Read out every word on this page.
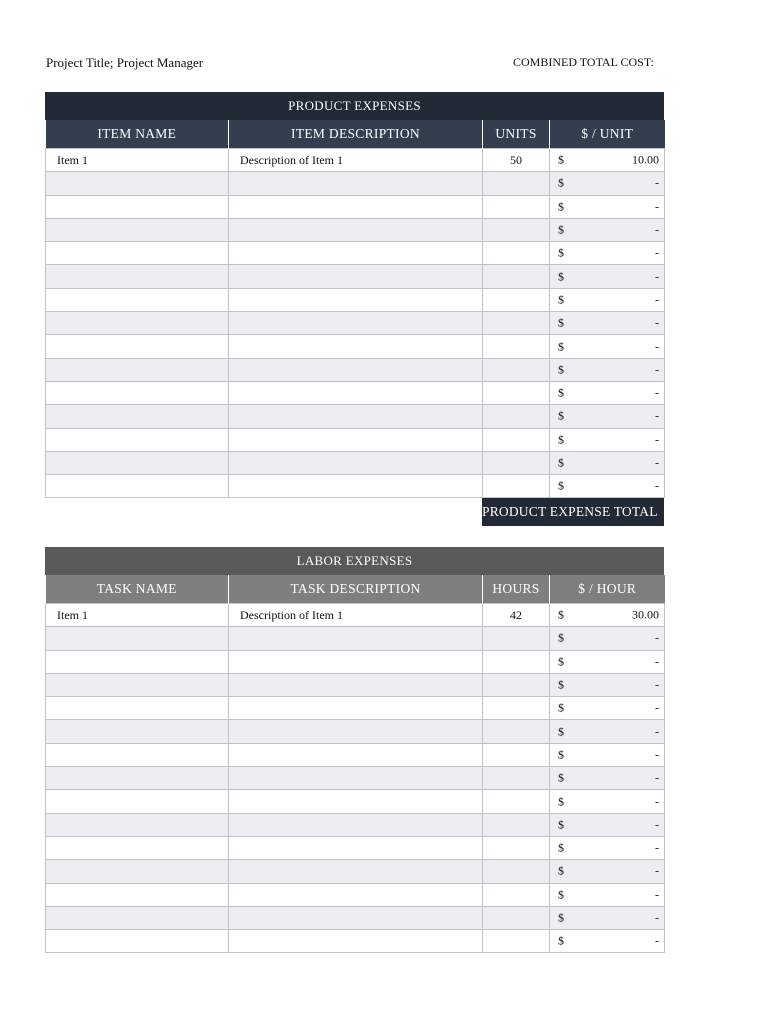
Project Title; Project Manager	COMBINED TOTAL COST:
PRODUCT EXPENSES
ITEM NAME	ITEM DESCRIPTION	UNITS	$ / UNIT
Item 1	Description of Item 1	50	$ 10.00

			$ -

			$ -

			$ -

			$ -

			$ -

			$ -

			$ -

			$ -

			$ -

			$ -

			$ -

			$ -

			$ -

			$ -
PRODUCT EXPENSE TOTAL
LABOR EXPENSES
TASK NAME	TASK DESCRIPTION	HOURS	$ / HOUR
Item 1	Description of Item 1	42	$ 30.00

			$ -

			$ -

			$ -

			$ -

			$ -

			$ -

			$ -

			$ -

			$ -

			$ -

			$ -

			$ -

			$ -

			$ -
